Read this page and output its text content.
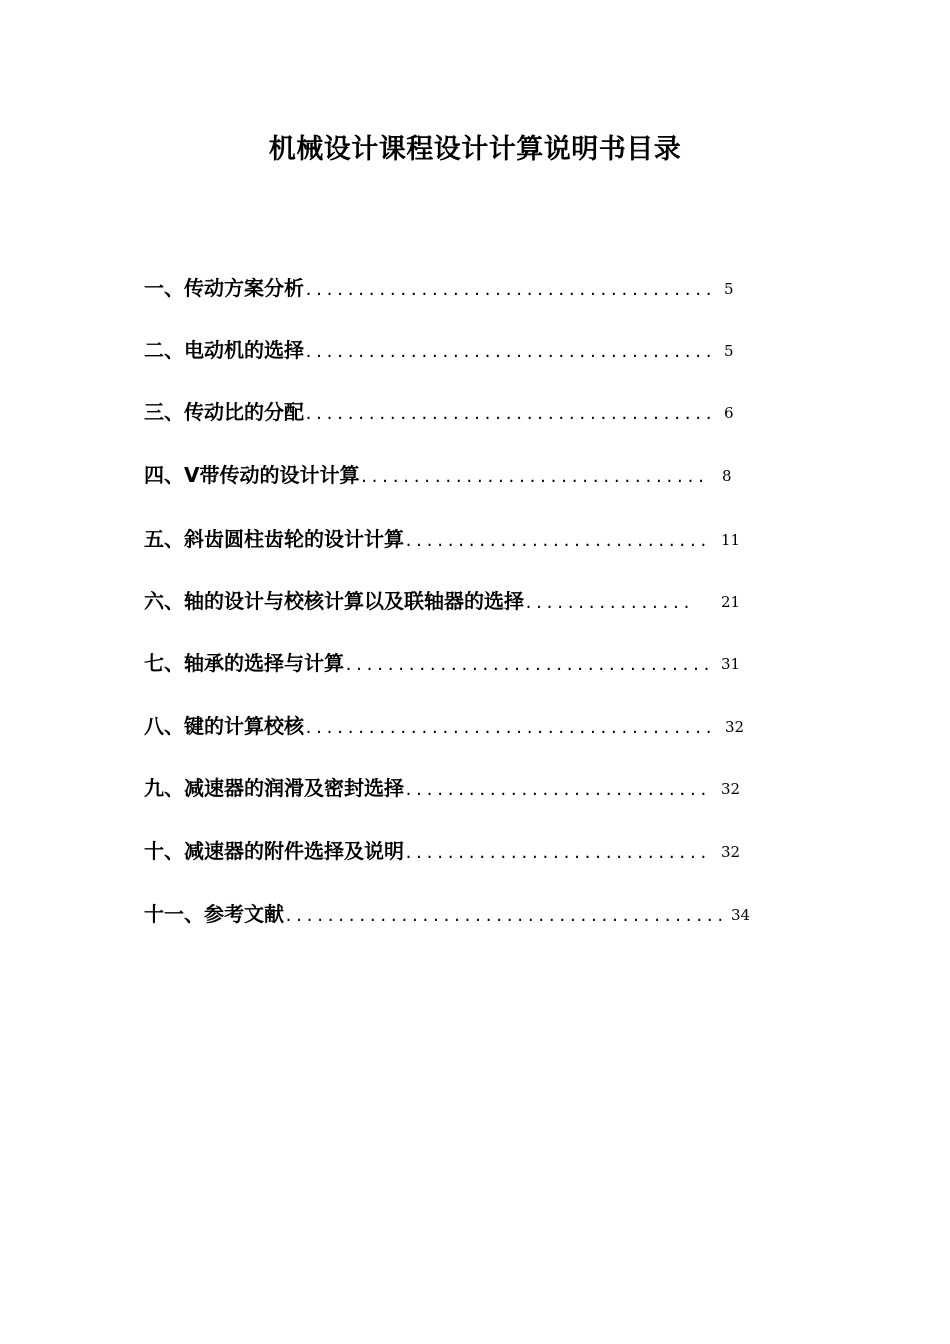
机械设计课程设计计算说明书目录
一、传动方案分析....................................... 5
二、电动机的选择....................................... 5
三、传动比的分配....................................... 6
四、V带传动的设计计算................................. 8
五、斜齿圆柱齿轮的设计计算............................. 11
六、轴的设计与校核计算以及联轴器的选择................ 21
七、轴承的选择与计算................................... 31
八、键的计算校核....................................... 32
九、减速器的润滑及密封选择............................. 32
十、减速器的附件选择及说明............................. 32
十一、参考文献.......................................... 34
